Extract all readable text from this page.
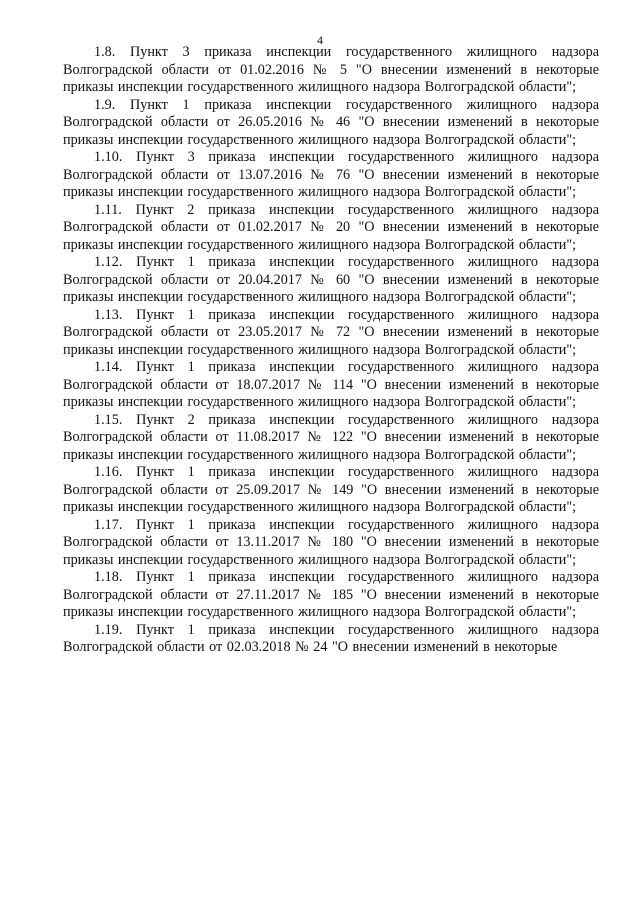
4

1.8. Пункт 3 приказа инспекции государственного жилищного надзора Волгоградской области от 01.02.2016 № 5 "О внесении изменений в некоторые приказы инспекции государственного жилищного надзора Волгоградской области";

1.9. Пункт 1 приказа инспекции государственного жилищного надзора Волгоградской области от 26.05.2016 № 46 "О внесении изменений в некоторые приказы инспекции государственного жилищного надзора Волгоградской области";

1.10. Пункт 3 приказа инспекции государственного жилищного надзора Волгоградской области от 13.07.2016 № 76 "О внесении изменений в некоторые приказы инспекции государственного жилищного надзора Волгоградской области";

1.11. Пункт 2 приказа инспекции государственного жилищного надзора Волгоградской области от 01.02.2017 № 20 "О внесении изменений в некоторые приказы инспекции государственного жилищного надзора Волгоградской области";

1.12. Пункт 1 приказа инспекции государственного жилищного надзора Волгоградской области от 20.04.2017 № 60 "О внесении изменений в некоторые приказы инспекции государственного жилищного надзора Волгоградской области";

1.13. Пункт 1 приказа инспекции государственного жилищного надзора Волгоградской области от 23.05.2017 № 72 "О внесении изменений в некоторые приказы инспекции государственного жилищного надзора Волгоградской области";

1.14. Пункт 1 приказа инспекции государственного жилищного надзора Волгоградской области от 18.07.2017 № 114 "О внесении изменений в некоторые приказы инспекции государственного жилищного надзора Волгоградской области";

1.15. Пункт 2 приказа инспекции государственного жилищного надзора Волгоградской области от 11.08.2017 № 122 "О внесении изменений в некоторые приказы инспекции государственного жилищного надзора Волгоградской области";

1.16. Пункт 1 приказа инспекции государственного жилищного надзора Волгоградской области от 25.09.2017 № 149 "О внесении изменений в некоторые приказы инспекции государственного жилищного надзора Волгоградской области";

1.17. Пункт 1 приказа инспекции государственного жилищного надзора Волгоградской области от 13.11.2017 № 180 "О внесении изменений в некоторые приказы инспекции государственного жилищного надзора Волгоградской области";

1.18. Пункт 1 приказа инспекции государственного жилищного надзора Волгоградской области от 27.11.2017 № 185 "О внесении изменений в некоторые приказы инспекции государственного жилищного надзора Волгоградской области";

1.19. Пункт 1 приказа инспекции государственного жилищного надзора Волгоградской области от 02.03.2018 № 24 "О внесении изменений в некоторые
